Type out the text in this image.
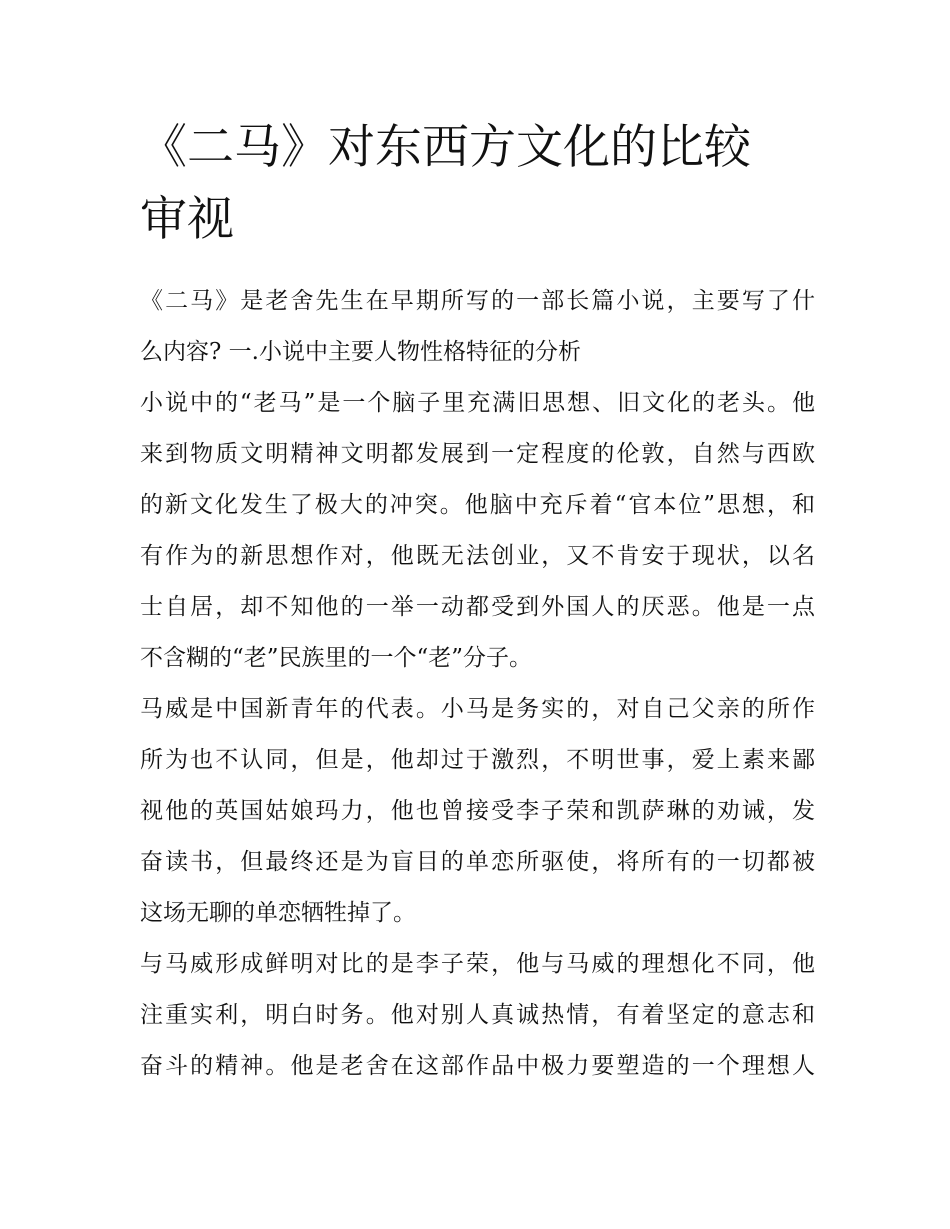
《二马》对东西方文化的比较
审视

《二马》是老舍先生在早期所写的一部长篇小说，主要写了什
么内容? 一.小说中主要人物性格特征的分析

小说中的“老马”是一个脑子里充满旧思想、旧文化的老头。他
来到物质文明精神文明都发展到一定程度的伦敦，自然与西欧
的新文化发生了极大的冲突。他脑中充斥着“官本位”思想，和
有作为的新思想作对，他既无法创业，又不肯安于现状，以名
士自居，却不知他的一举一动都受到外国人的厌恶。他是一点
不含糊的“老”民族里的一个“老”分子。

马威是中国新青年的代表。小马是务实的，对自己父亲的所作
所为也不认同，但是，他却过于激烈，不明世事，爱上素来鄙
视他的英国姑娘玛力，他也曾接受李子荣和凯萨琳的劝诫，发
奋读书，但最终还是为盲目的单恋所驱使，将所有的一切都被
这场无聊的单恋牺牲掉了。

与马威形成鲜明对比的是李子荣，他与马威的理想化不同，他
注重实利，明白时务。他对别人真诚热情，有着坚定的意志和
奋斗的精神。他是老舍在这部作品中极力要塑造的一个理想人
